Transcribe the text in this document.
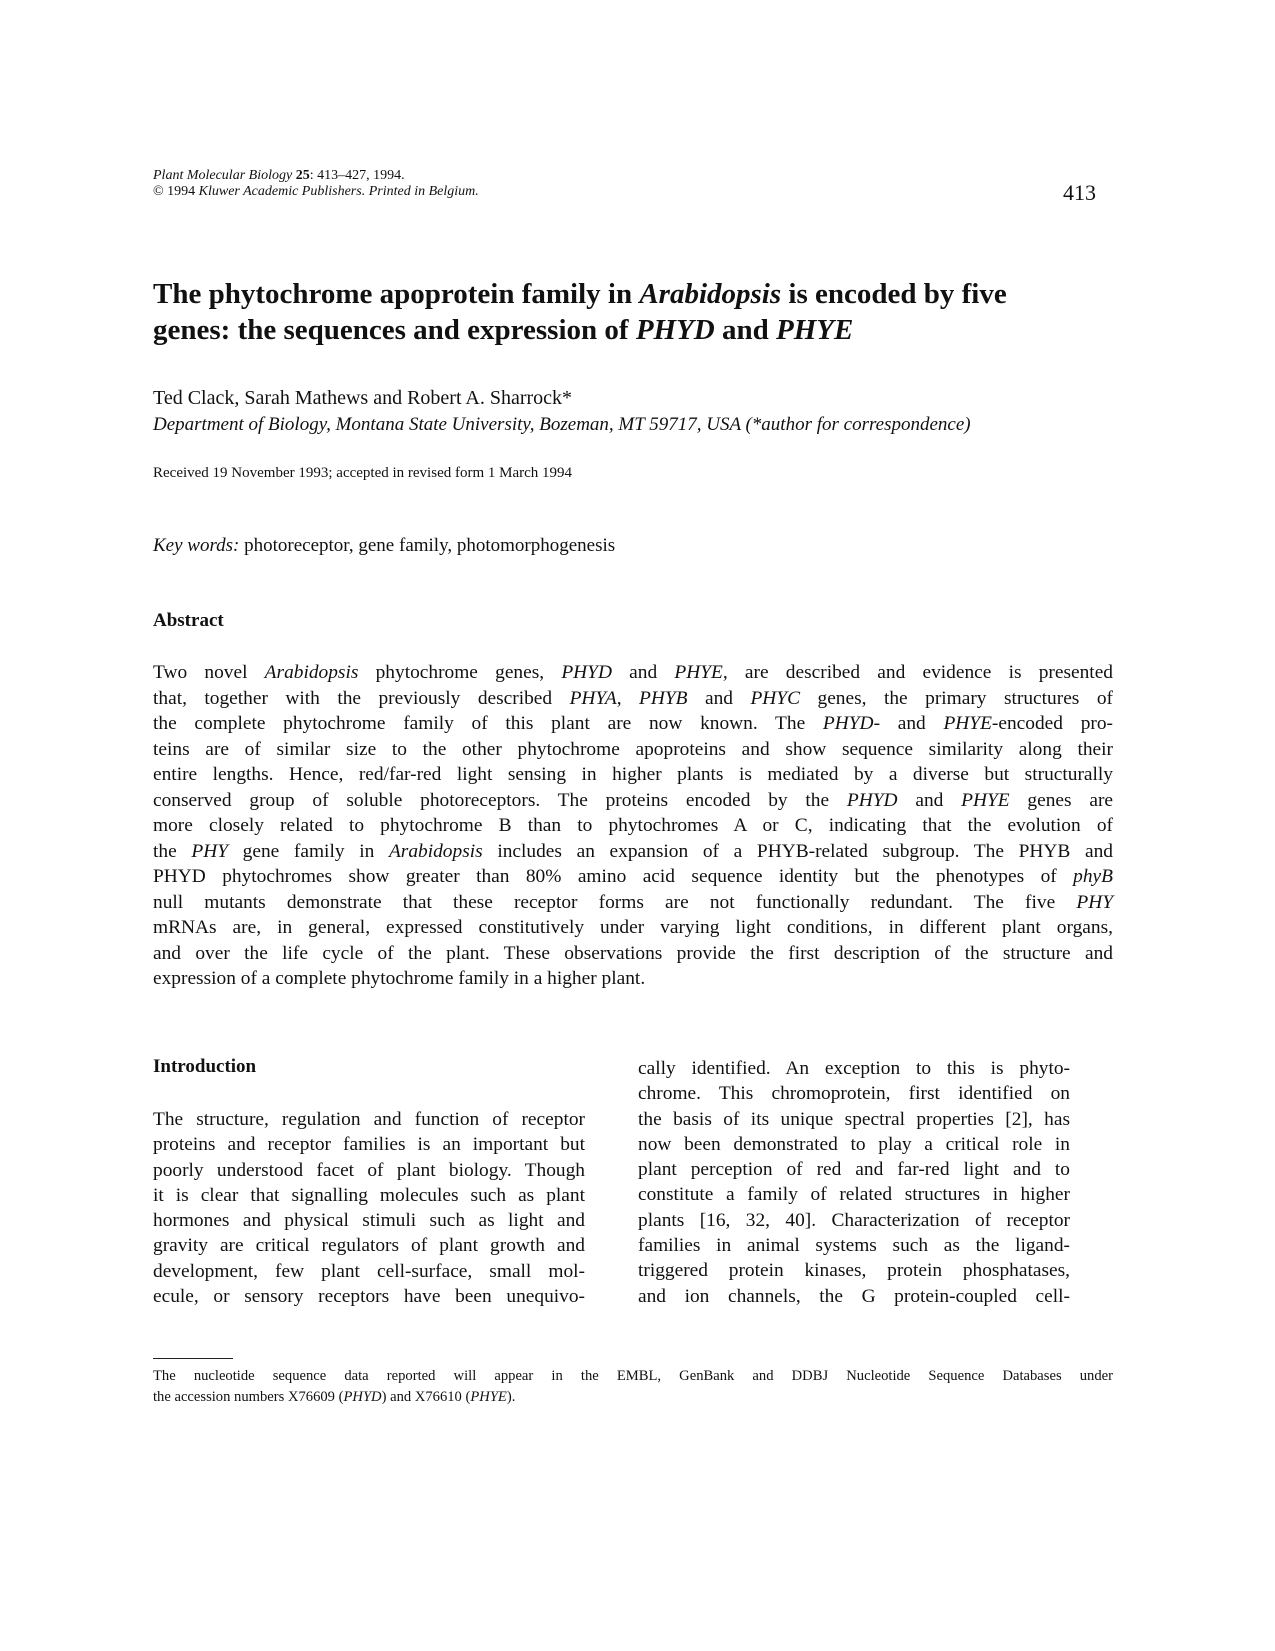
Plant Molecular Biology 25: 413–427, 1994.
© 1994 Kluwer Academic Publishers. Printed in Belgium.	413
The phytochrome apoprotein family in Arabidopsis is encoded by five
genes: the sequences and expression of PHYD and PHYE
Ted Clack, Sarah Mathews and Robert A. Sharrock*
Department of Biology, Montana State University, Bozeman, MT 59717, USA (*author for correspondence)
Received 19 November 1993; accepted in revised form 1 March 1994
Key words: photoreceptor, gene family, photomorphogenesis
Abstract
Two novel Arabidopsis phytochrome genes, PHYD and PHYE, are described and evidence is presented
that, together with the previously described PHYA, PHYB and PHYC genes, the primary structures of
the complete phytochrome family of this plant are now known. The PHYD- and PHYE-encoded pro-
teins are of similar size to the other phytochrome apoproteins and show sequence similarity along their
entire lengths. Hence, red/far-red light sensing in higher plants is mediated by a diverse but structurally
conserved group of soluble photoreceptors. The proteins encoded by the PHYD and PHYE genes are
more closely related to phytochrome B than to phytochromes A or C, indicating that the evolution of
the PHY gene family in Arabidopsis includes an expansion of a PHYB-related subgroup. The PHYB and
PHYD phytochromes show greater than 80% amino acid sequence identity but the phenotypes of phyB
null mutants demonstrate that these receptor forms are not functionally redundant. The five PHY
mRNAs are, in general, expressed constitutively under varying light conditions, in different plant organs,
and over the life cycle of the plant. These observations provide the first description of the structure and
expression of a complete phytochrome family in a higher plant.
Introduction
The structure, regulation and function of receptor
proteins and receptor families is an important but
poorly understood facet of plant biology. Though
it is clear that signalling molecules such as plant
hormones and physical stimuli such as light and
gravity are critical regulators of plant growth and
development, few plant cell-surface, small mol-
ecule, or sensory receptors have been unequivo-
cally identified. An exception to this is phyto-
chrome. This chromoprotein, first identified on
the basis of its unique spectral properties [2], has
now been demonstrated to play a critical role in
plant perception of red and far-red light and to
constitute a family of related structures in higher
plants [16, 32, 40]. Characterization of receptor
families in animal systems such as the ligand-
triggered protein kinases, protein phosphatases,
and ion channels, the G protein-coupled cell-
The nucleotide sequence data reported will appear in the EMBL, GenBank and DDBJ Nucleotide Sequence Databases under
the accession numbers X76609 (PHYD) and X76610 (PHYE).
